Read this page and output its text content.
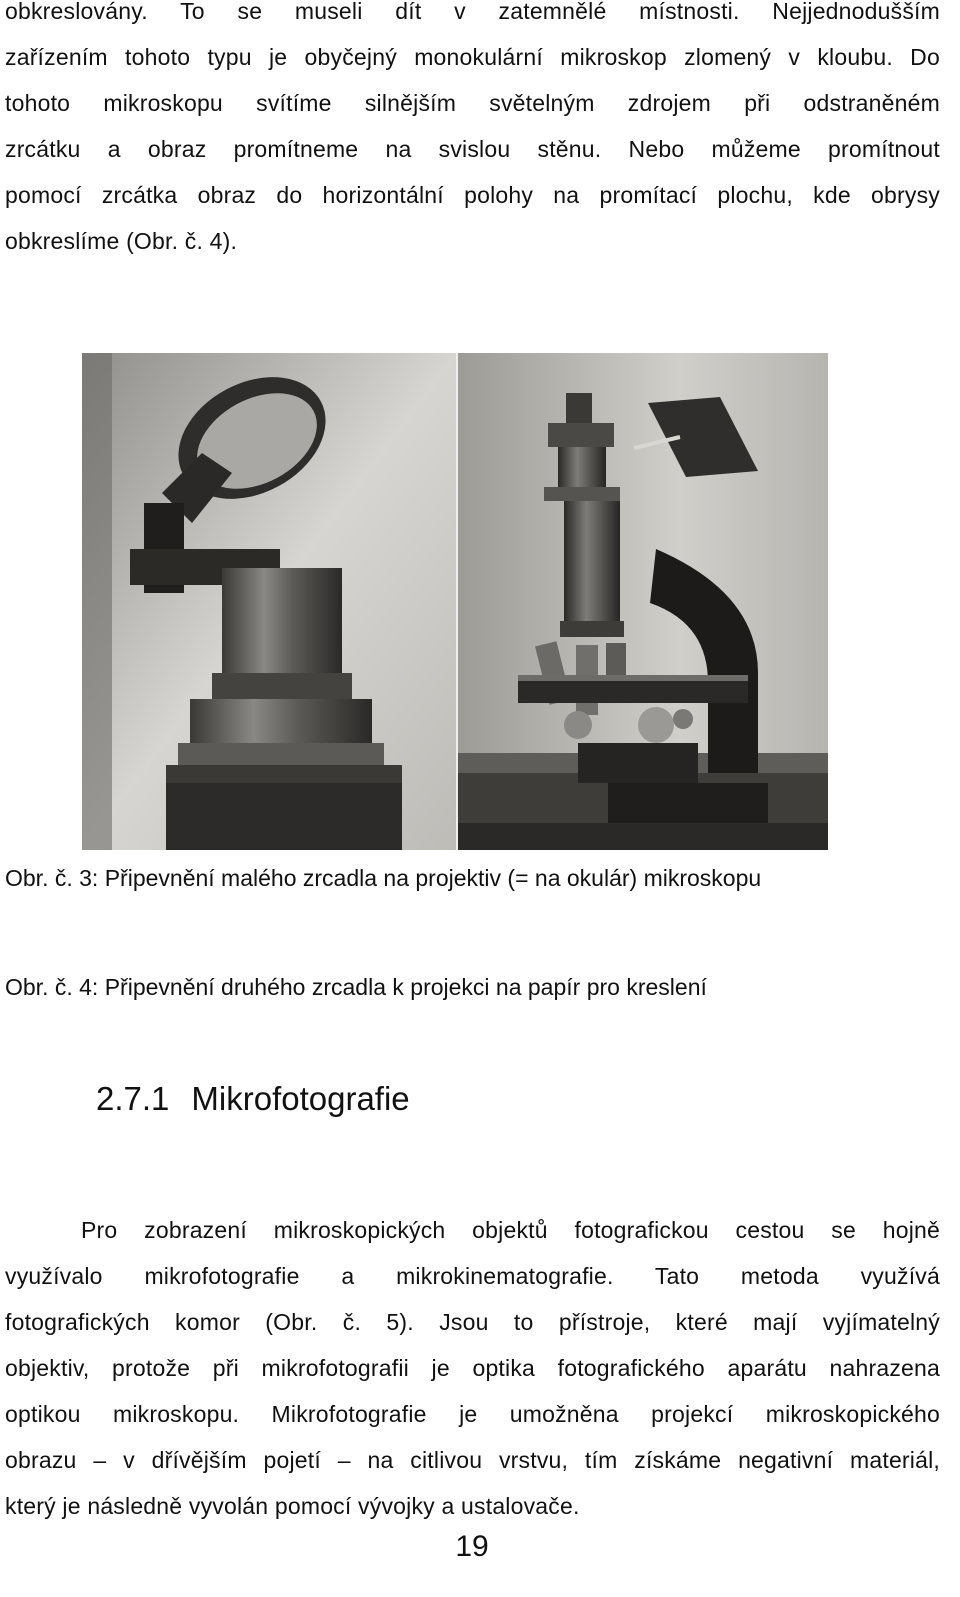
obkreslovány. To se museli dít v zatemnělé místnosti. Nejjednodušším
zařízením tohoto typu je obyčejný monokulární mikroskop zlomený v kloubu. Do
tohoto mikroskopu svítíme silnějším světelným zdrojem při odstraněném
zrcátku a obraz promítneme na svislou stěnu. Nebo můžeme promítnout
pomocí zrcátka obraz do horizontální polohy na promítací plochu, kde obrysy
obkreslíme (Obr. č. 4).
Obr. č. 3: Připevnění malého zrcadla na projektiv (= na okulár) mikroskopu
Obr. č. 4: Připevnění druhého zrcadla k projekci na papír pro kreslení
2.7.1 Mikrofotografie
Pro zobrazení mikroskopických objektů fotografickou cestou se hojně
využívalo mikrofotografie a mikrokinematografie. Tato metoda využívá
fotografických komor (Obr. č. 5). Jsou to přístroje, které mají vyjímatelný
objektiv, protože při mikrofotografii je optika fotografického aparátu nahrazena
optikou mikroskopu. Mikrofotografie je umožněna projekcí mikroskopického
obrazu – v dřívějším pojetí – na citlivou vrstvu, tím získáme negativní materiál,
který je následně vyvolán pomocí vývojky a ustalovače.
19
